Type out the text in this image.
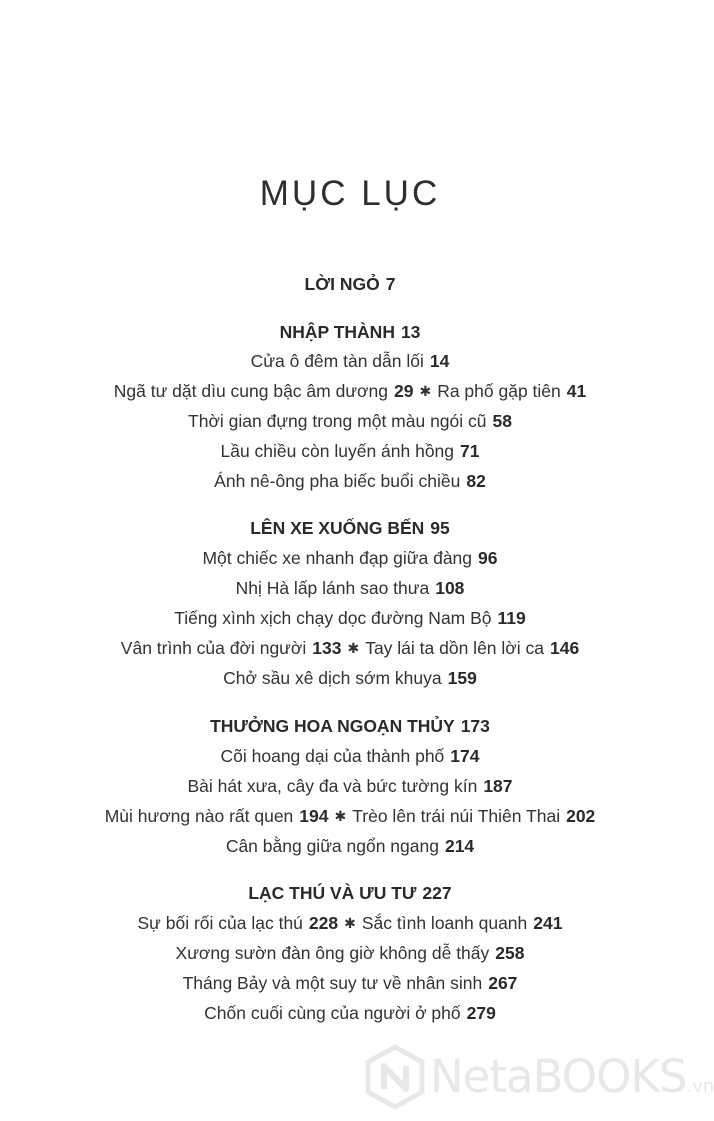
MỤC LỤC
LỜI NGỎ 7
NHẬP THÀNH 13
Cửa ô đêm tàn dẫn lối 14
Ngã tư dặt dìu cung bậc âm dương 29 ✱ Ra phố gặp tiên 41
Thời gian đựng trong một màu ngói cũ 58
Lầu chiều còn luyến ánh hồng 71
Ánh nê-ông pha biếc buổi chiều 82
LÊN XE XUỐNG BẾN 95
Một chiếc xe nhanh đạp giữa đàng 96
Nhị Hà lấp lánh sao thưa 108
Tiếng xình xịch chạy dọc đường Nam Bộ 119
Vân trình của đời người 133 ✱ Tay lái ta dồn lên lời ca 146
Chở sầu xê dịch sớm khuya 159
THƯỞNG HOA NGOẠN THỦY 173
Cõi hoang dại của thành phố 174
Bài hát xưa, cây đa và bức tường kín 187
Mùi hương nào rất quen 194 ✱ Trèo lên trái núi Thiên Thai 202
Cân bằng giữa ngổn ngang 214
LẠC THÚ VÀ ƯU TƯ 227
Sự bối rối của lạc thú 228 ✱ Sắc tình loanh quanh 241
Xương sườn đàn ông giờ không dễ thấy 258
Tháng Bảy và một suy tư về nhân sinh 267
Chốn cuối cùng của người ở phố 279
NetaBOOKS.vn
